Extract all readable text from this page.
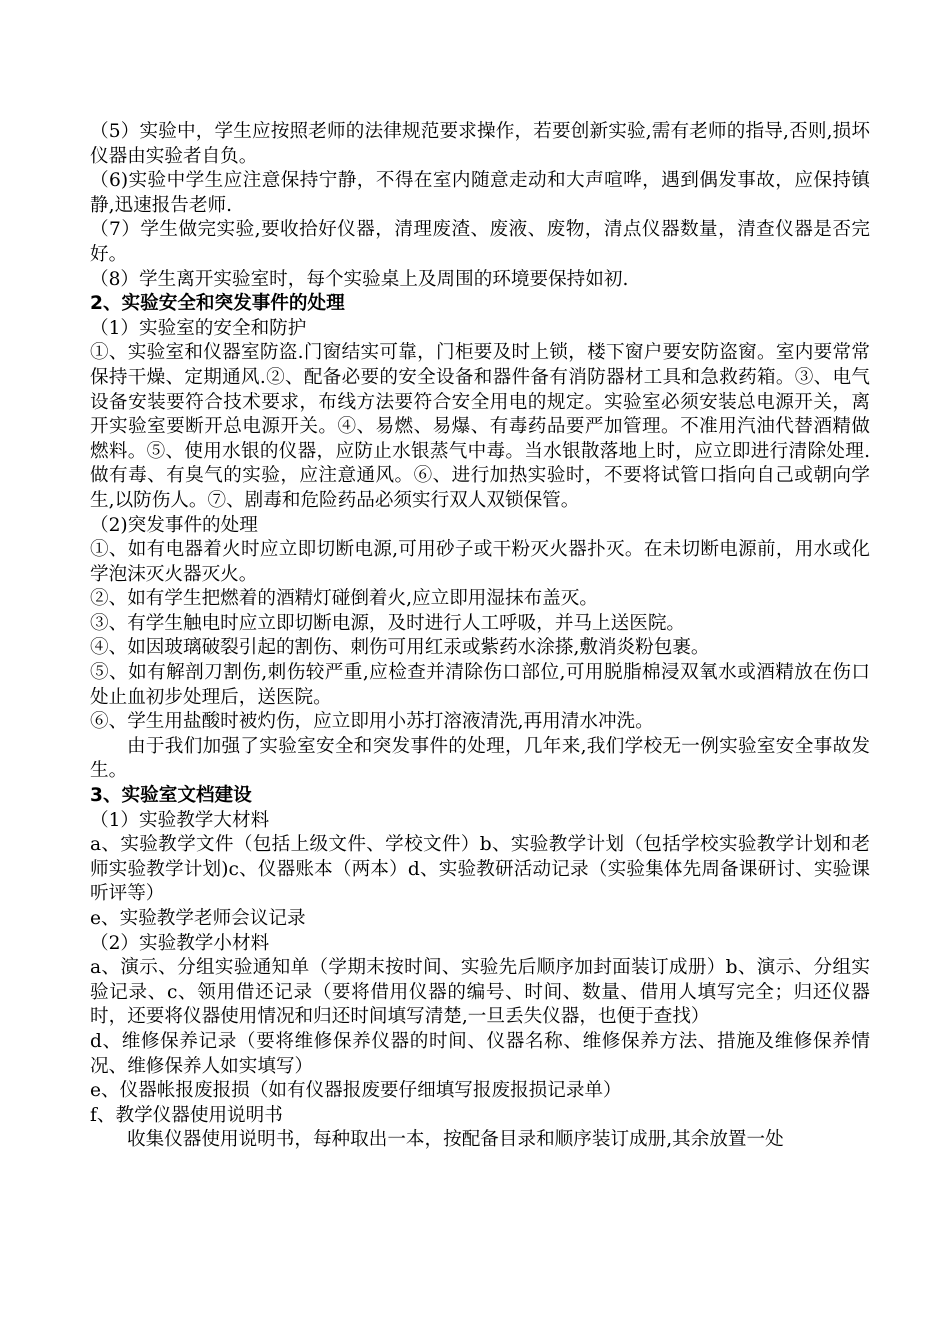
（5）实验中，学生应按照老师的法律规范要求操作，若要创新实验,需有老师的指导,否则,损坏仪器由实验者自负。

（6)实验中学生应注意保持宁静，不得在室内随意走动和大声喧哗，遇到偶发事故，应保持镇静,迅速报告老师.

（7）学生做完实验,要收拾好仪器，清理废渣、废液、废物，清点仪器数量，清查仪器是否完好。

（8）学生离开实验室时，每个实验桌上及周围的环境要保持如初.

2、实验安全和突发事件的处理

（1）实验室的安全和防护

①、实验室和仪器室防盗.门窗结实可靠，门柜要及时上锁，楼下窗户要安防盗窗。室内要常常保持干燥、定期通风.②、配备必要的安全设备和器件备有消防器材工具和急救药箱。③、电气设备安装要符合技术要求，布线方法要符合安全用电的规定。实验室必须安装总电源开关，离开实验室要断开总电源开关。④、易燃、易爆、有毒药品要严加管理。不准用汽油代替酒精做燃料。⑤、使用水银的仪器，应防止水银蒸气中毒。当水银散落地上时，应立即进行清除处理.做有毒、有臭气的实验，应注意通风。⑥、进行加热实验时，不要将试管口指向自己或朝向学生,以防伤人。⑦、剧毒和危险药品必须实行双人双锁保管。

（2)突发事件的处理

①、如有电器着火时应立即切断电源,可用砂子或干粉灭火器扑灭。在未切断电源前，用水或化学泡沫灭火器灭火。

②、如有学生把燃着的酒精灯碰倒着火,应立即用湿抹布盖灭。

③、有学生触电时应立即切断电源，及时进行人工呼吸，并马上送医院。

④、如因玻璃破裂引起的割伤、刺伤可用红汞或紫药水涂搽,敷消炎粉包裹。

⑤、如有解剖刀割伤,刺伤较严重,应检查并清除伤口部位,可用脱脂棉浸双氧水或酒精放在伤口处止血初步处理后，送医院。

⑥、学生用盐酸时被灼伤，应立即用小苏打溶液清洗,再用清水冲洗。

由于我们加强了实验室安全和突发事件的处理，几年来,我们学校无一例实验室安全事故发生。

3、实验室文档建设

（1）实验教学大材料

a、实验教学文件（包括上级文件、学校文件）b、实验教学计划（包括学校实验教学计划和老师实验教学计划)c、仪器账本（两本）d、实验教研活动记录（实验集体先周备课研讨、实验课听评等）

e、实验教学老师会议记录

（2）实验教学小材料

a、演示、分组实验通知单（学期末按时间、实验先后顺序加封面装订成册）b、演示、分组实验记录、c、领用借还记录（要将借用仪器的编号、时间、数量、借用人填写完全；归还仪器时，还要将仪器使用情况和归还时间填写清楚,一旦丢失仪器，也便于查找）

d、维修保养记录（要将维修保养仪器的时间、仪器名称、维修保养方法、措施及维修保养情况、维修保养人如实填写）

e、仪器帐报废报损（如有仪器报废要仔细填写报废报损记录单）

f、教学仪器使用说明书

收集仪器使用说明书，每种取出一本，按配备目录和顺序装订成册,其余放置一处
